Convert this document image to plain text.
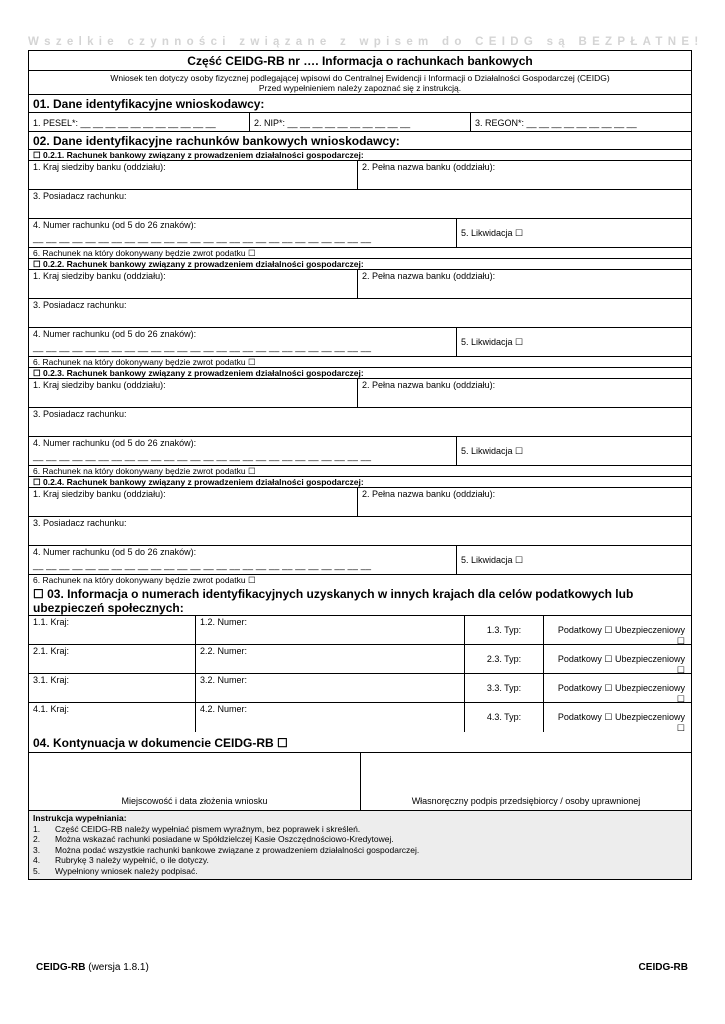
Wszelkie czynności związane z wpisem do CEIDG są BEZPŁATNE!
Część CEIDG-RB nr …. Informacja o rachunkach bankowych
Wniosek ten dotyczy osoby fizycznej podlegającej wpisowi do Centralnej Ewidencji i Informacji o Działalności Gospodarczej (CEIDG)
Przed wypełnieniem należy zapoznać się z instrukcją.
01. Dane identyfikacyjne wnioskodawcy:
1. PESEL*: __ __ __ __ __ __ __ __ __ __ __	2. NIP*: __ __ __ __ __ __ __ __ __ __	3. REGON*: __ __ __ __ __ __ __ __ __
02. Dane identyfikacyjne rachunków bankowych wnioskodawcy:
☐ 0.2.1. Rachunek bankowy związany z prowadzeniem działalności gospodarczej:
1. Kraj siedziby banku (oddziału):	2. Pełna nazwa banku (oddziału):
3. Posiadacz rachunku:
4. Numer rachunku (od 5 do 26 znaków):
__ __ __ __ __ __ __ __ __ __ __ __ __ __ __ __ __ __ __ __ __ __ __ __ __ __	5. Likwidacja ☐
6. Rachunek na który dokonywany będzie zwrot podatku ☐
☐ 0.2.2. Rachunek bankowy związany z prowadzeniem działalności gospodarczej:
1. Kraj siedziby banku (oddziału):	2. Pełna nazwa banku (oddziału):
3. Posiadacz rachunku:
4. Numer rachunku (od 5 do 26 znaków):
__ __ __ __ __ __ __ __ __ __ __ __ __ __ __ __ __ __ __ __ __ __ __ __ __ __	5. Likwidacja ☐
6. Rachunek na który dokonywany będzie zwrot podatku ☐
☐ 0.2.3. Rachunek bankowy związany z prowadzeniem działalności gospodarczej:
1. Kraj siedziby banku (oddziału):	2. Pełna nazwa banku (oddziału):
3. Posiadacz rachunku:
4. Numer rachunku (od 5 do 26 znaków):
__ __ __ __ __ __ __ __ __ __ __ __ __ __ __ __ __ __ __ __ __ __ __ __ __ __	5. Likwidacja ☐
6. Rachunek na który dokonywany będzie zwrot podatku ☐
☐ 0.2.4. Rachunek bankowy związany z prowadzeniem działalności gospodarczej:
1. Kraj siedziby banku (oddziału):	2. Pełna nazwa banku (oddziału):
3. Posiadacz rachunku:
4. Numer rachunku (od 5 do 26 znaków):
__ __ __ __ __ __ __ __ __ __ __ __ __ __ __ __ __ __ __ __ __ __ __ __ __ __	5. Likwidacja ☐
6. Rachunek na który dokonywany będzie zwrot podatku ☐
☐ 03. Informacja o numerach identyfikacyjnych uzyskanych w innych krajach dla celów podatkowych lub ubezpieczeń społecznych:
1.1. Kraj:	1.2. Numer:
1.3. Typ:	Podatkowy ☐ Ubezpieczeniowy ☐
2.1. Kraj:	2.2. Numer:
2.3. Typ:	Podatkowy ☐ Ubezpieczeniowy ☐
3.1. Kraj:	3.2. Numer:
3.3. Typ:	Podatkowy ☐ Ubezpieczeniowy ☐
4.1. Kraj:	4.2. Numer:
4.3. Typ:	Podatkowy ☐ Ubezpieczeniowy ☐
04. Kontynuacja w dokumencie CEIDG-RB ☐
Miejscowość i data złożenia wniosku	Własnoręczny podpis przedsiębiorcy / osoby uprawnionej
Instrukcja wypełniania:
1.	Część CEIDG-RB należy wypełniać pismem wyraźnym, bez poprawek i skreśleń.
2.	Można wskazać rachunki posiadane w Spółdzielczej Kasie Oszczędnościowo-Kredytowej.
3.	Można podać wszystkie rachunki bankowe związane z prowadzeniem działalności gospodarczej.
4.	Rubrykę 3 należy wypełnić, o ile dotyczy.
5.	Wypełniony wniosek należy podpisać.
CEIDG-RB (wersja 1.8.1)	CEIDG-RB
